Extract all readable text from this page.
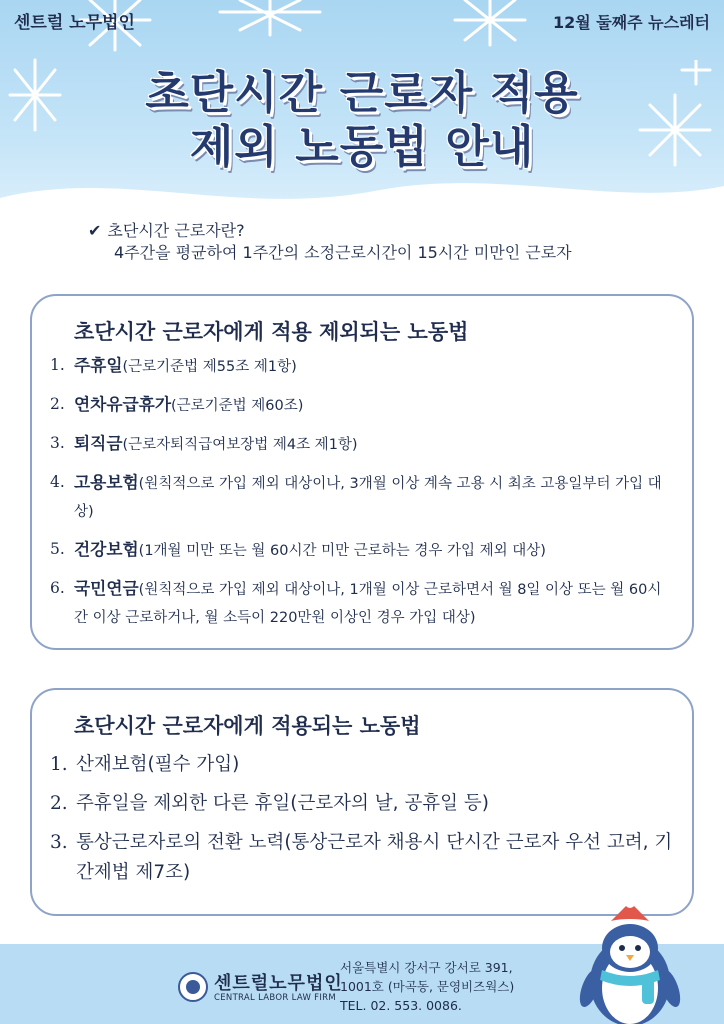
센트럴 노무법인	12월 둘째주 뉴스레터
초단시간 근로자 적용
제외 노동법 안내
✔ 초단시간 근로자란?
4주간을 평균하여 1주간의 소정근로시간이 15시간 미만인 근로자
초단시간 근로자에게 적용 제외되는 노동법
1. 주휴일(근로기준법 제55조 제1항)
2. 연차유급휴가(근로기준법 제60조)
3. 퇴직금(근로자퇴직급여보장법 제4조 제1항)
4. 고용보험(원칙적으로 가입 제외 대상이나, 3개월 이상 계속 고용 시 최초 고용일부터 가입 대상)
5. 건강보험(1개월 미만 또는 월 60시간 미만 근로하는 경우 가입 제외 대상)
6. 국민연금(원칙적으로 가입 제외 대상이나, 1개월 이상 근로하면서 월 8일 이상 또는 월 60시간 이상 근로하거나, 월 소득이 220만원 이상인 경우 가입 대상)
초단시간 근로자에게 적용되는 노동법
1. 산재보험(필수 가입)
2. 주휴일을 제외한 다른 휴일(근로자의 날, 공휴일 등)
3. 통상근로자로의 전환 노력(통상근로자 채용시 단시간 근로자 우선 고려, 기간제법 제7조)
센트럴노무법인
CENTRAL LABOR LAW FIRM
서울특별시 강서구 강서로 391,
1001호 (마곡동, 문영비즈웍스)
TEL. 02. 553. 0086.
